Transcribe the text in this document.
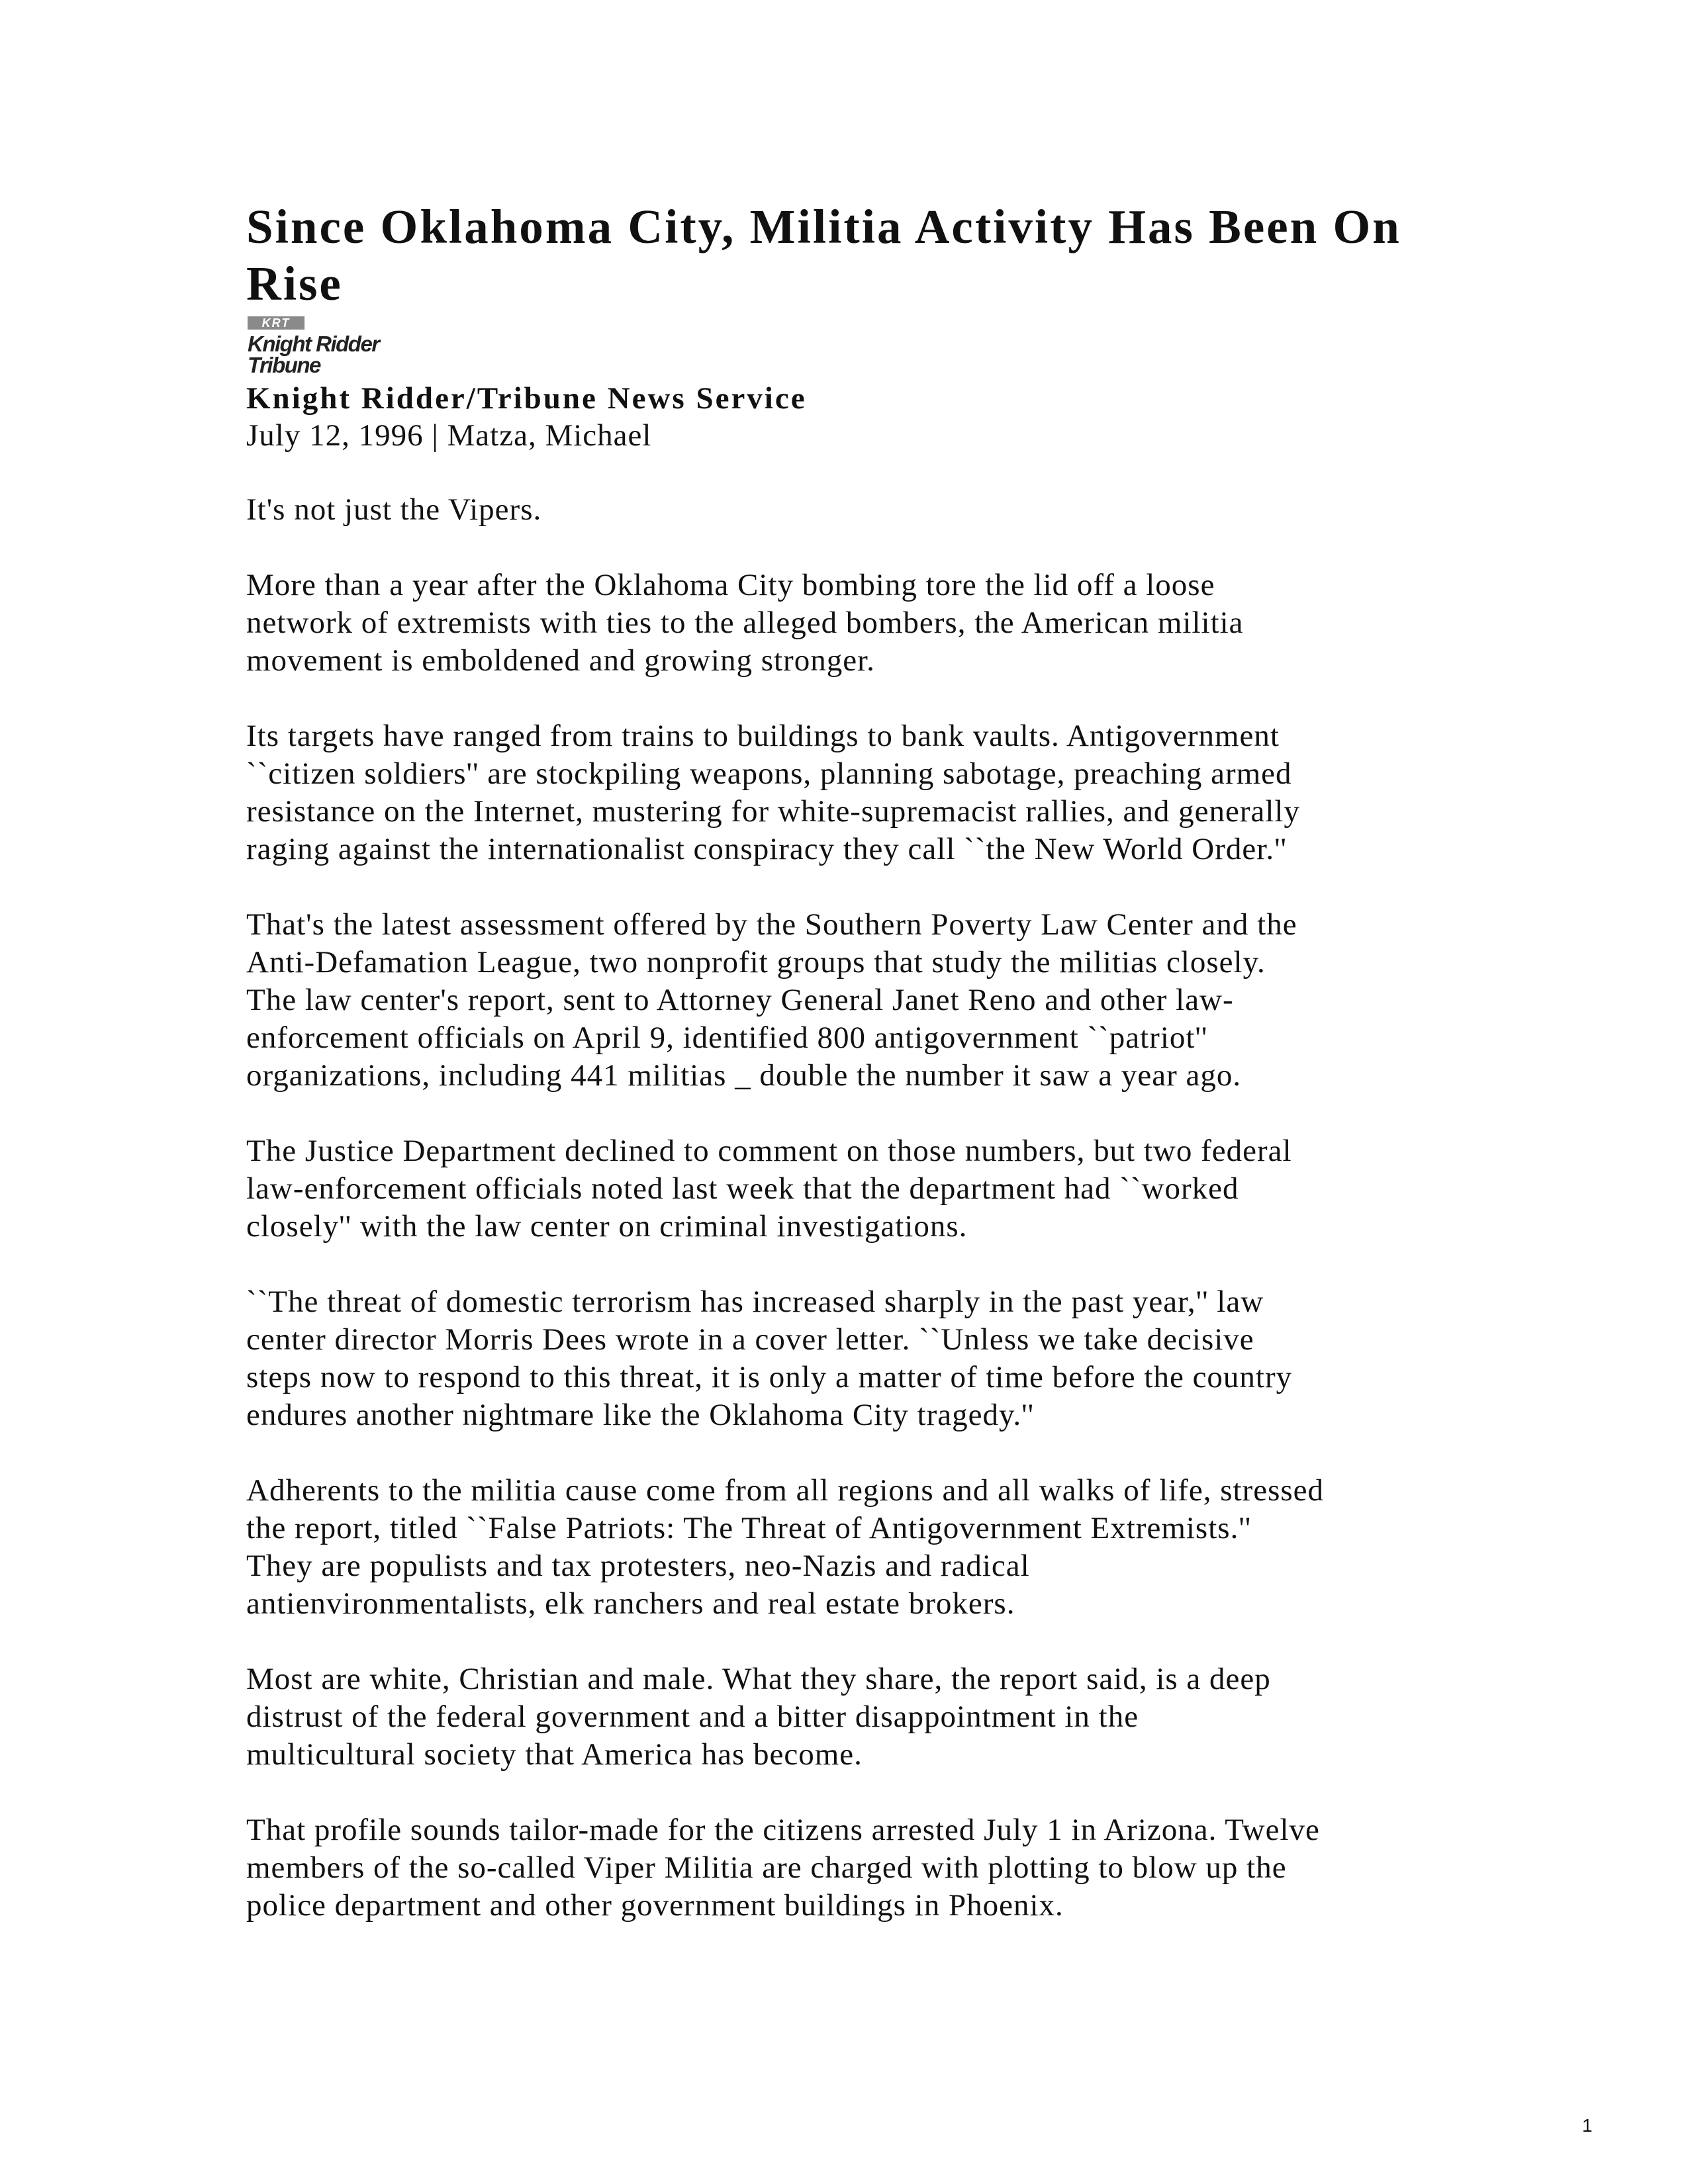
Since Oklahoma City, Militia Activity Has Been On Rise
KRT
Knight Ridder
Tribune
Knight Ridder/Tribune News Service
July 12, 1996 | Matza, Michael

It's not just the Vipers.

More than a year after the Oklahoma City bombing tore the lid off a loose
network of extremists with ties to the alleged bombers, the American militia
movement is emboldened and growing stronger.

Its targets have ranged from trains to buildings to bank vaults. Antigovernment
``citizen soldiers'' are stockpiling weapons, planning sabotage, preaching armed
resistance on the Internet, mustering for white-supremacist rallies, and generally
raging against the internationalist conspiracy they call ``the New World Order.''

That's the latest assessment offered by the Southern Poverty Law Center and the
Anti-Defamation League, two nonprofit groups that study the militias closely.
The law center's report, sent to Attorney General Janet Reno and other law-
enforcement officials on April 9, identified 800 antigovernment ``patriot''
organizations, including 441 militias _ double the number it saw a year ago.

The Justice Department declined to comment on those numbers, but two federal
law-enforcement officials noted last week that the department had ``worked
closely'' with the law center on criminal investigations.

``The threat of domestic terrorism has increased sharply in the past year,'' law
center director Morris Dees wrote in a cover letter. ``Unless we take decisive
steps now to respond to this threat, it is only a matter of time before the country
endures another nightmare like the Oklahoma City tragedy.''

Adherents to the militia cause come from all regions and all walks of life, stressed
the report, titled ``False Patriots: The Threat of Antigovernment Extremists.''
They are populists and tax protesters, neo-Nazis and radical
antienvironmentalists, elk ranchers and real estate brokers.

Most are white, Christian and male. What they share, the report said, is a deep
distrust of the federal government and a bitter disappointment in the
multicultural society that America has become.

That profile sounds tailor-made for the citizens arrested July 1 in Arizona. Twelve
members of the so-called Viper Militia are charged with plotting to blow up the
police department and other government buildings in Phoenix.

1
